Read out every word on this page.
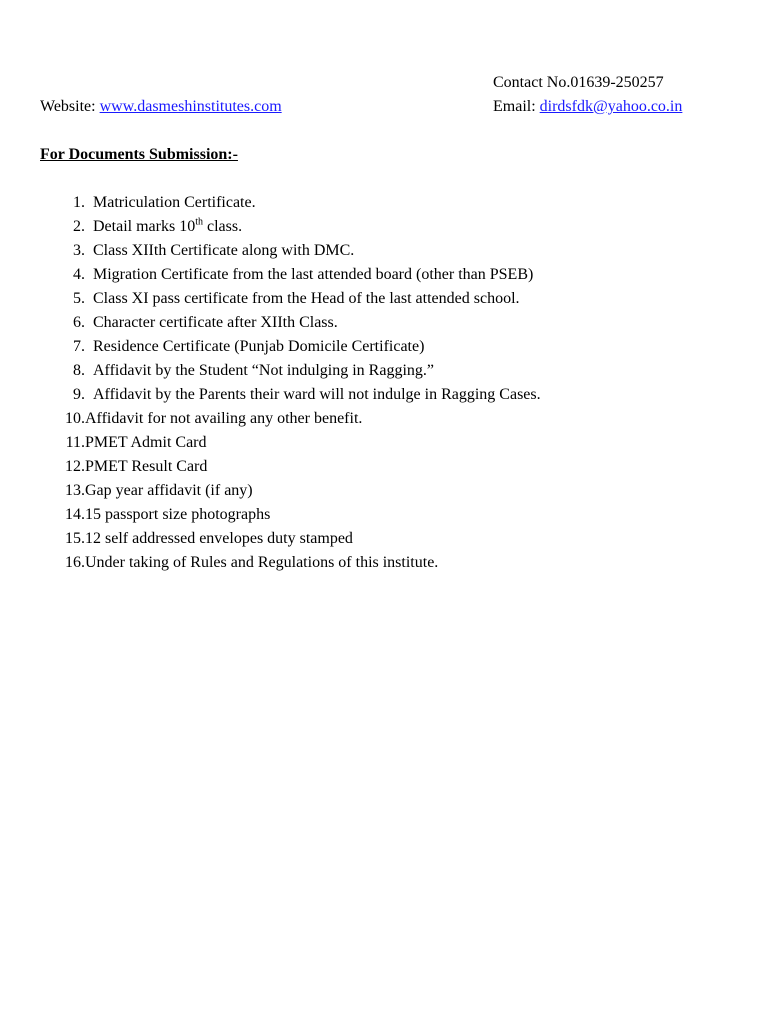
Contact No.01639-250257
Website: www.dasmeshinstitutes.com	Email: dirdsfdk@yahoo.co.in
For Documents Submission:-
1. Matriculation Certificate.
2. Detail marks 10th class.
3. Class XIIth Certificate along with DMC.
4. Migration Certificate from the last attended board (other than PSEB)
5. Class XI pass certificate from the Head of the last attended school.
6. Character certificate after XIIth Class.
7. Residence Certificate (Punjab Domicile Certificate)
8. Affidavit by the Student “Not indulging in Ragging.”
9. Affidavit by the Parents their ward will not indulge in Ragging Cases.
10. Affidavit for not availing any other benefit.
11. PMET Admit Card
12. PMET Result Card
13. Gap year affidavit (if any)
14. 15 passport size photographs
15. 12 self addressed envelopes duty stamped
16. Under taking of Rules and Regulations of this institute.
